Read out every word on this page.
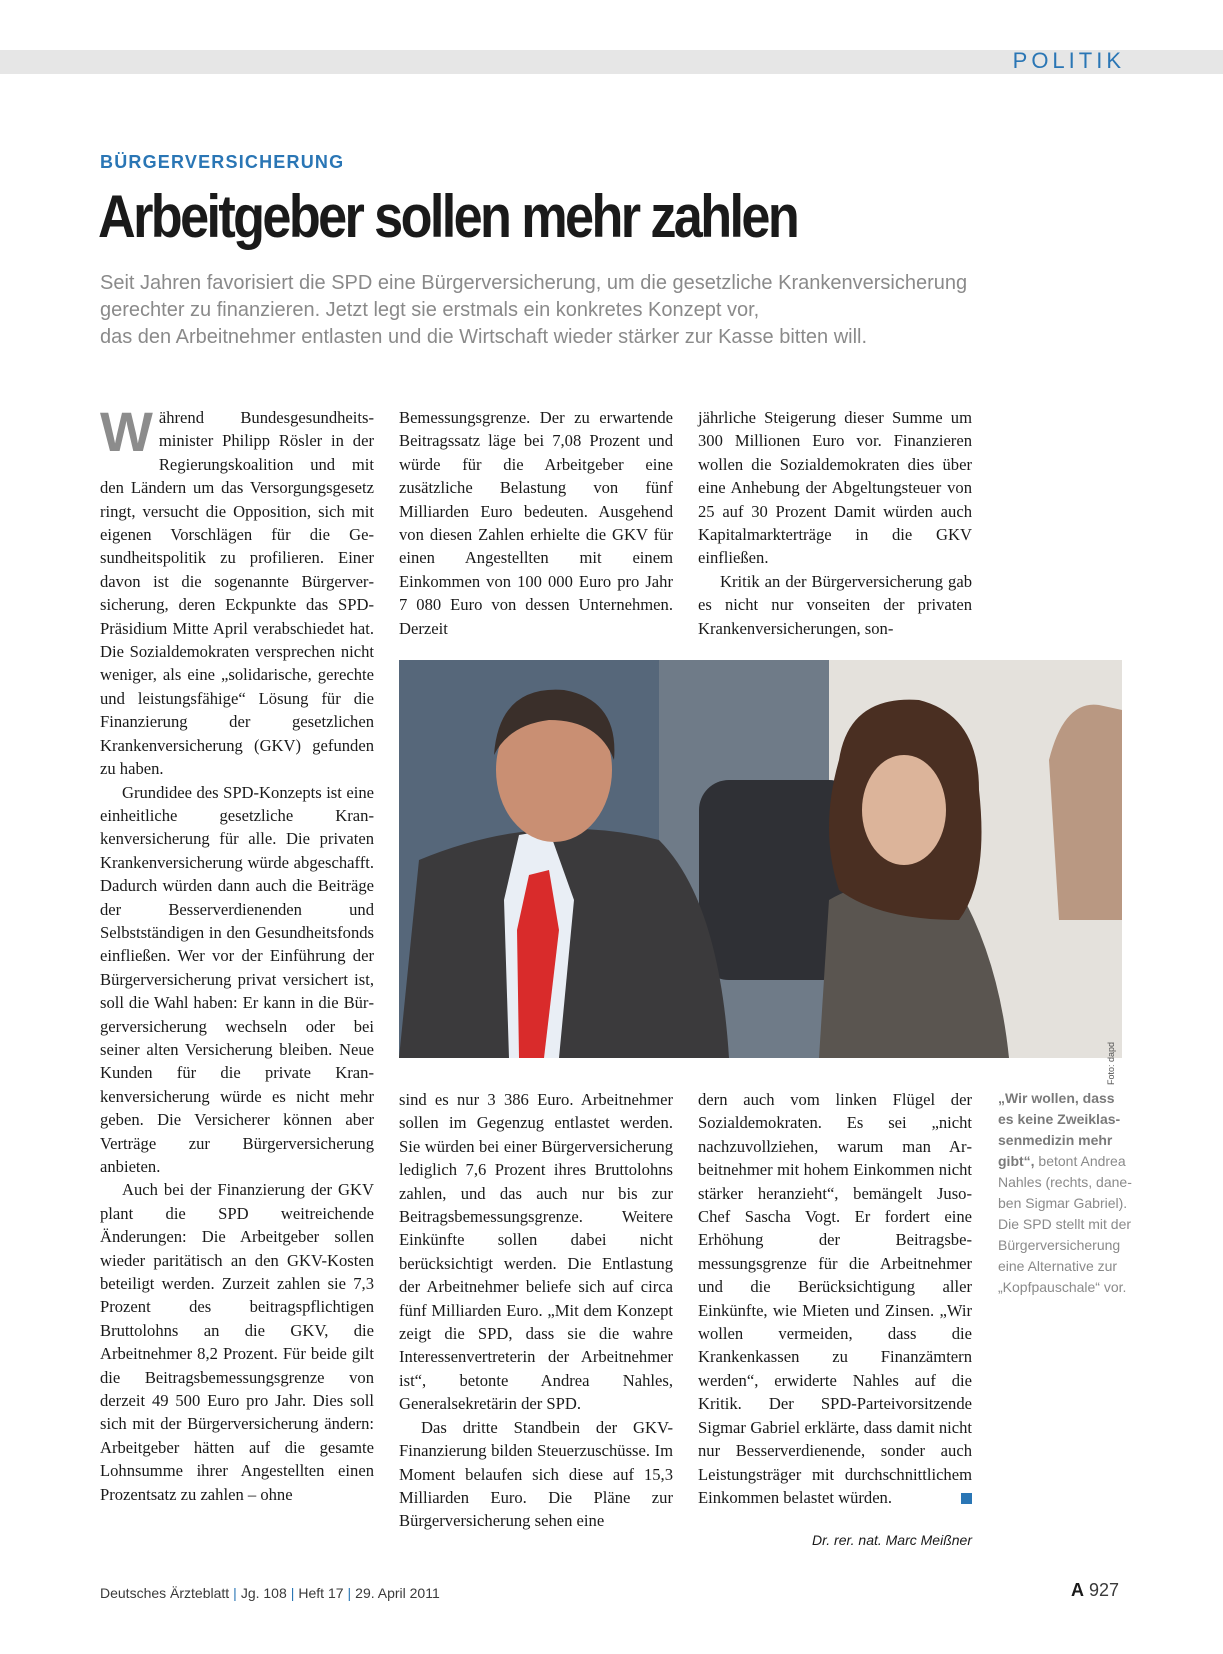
POLITIK
BÜRGERVERSICHERUNG
Arbeitgeber sollen mehr zahlen
Seit Jahren favorisiert die SPD eine Bürgerversicherung, um die gesetzliche Krankenversicherung
gerechter zu finanzieren. Jetzt legt sie erstmals ein konkretes Konzept vor,
das den Arbeitnehmer entlasten und die Wirtschaft wieder stärker zur Kasse bitten will.

Während Bundesgesundheitsminister Philipp Rösler in der Regierungskoalition und mit den Ländern um das Versorgungsgesetz ringt, versucht die Opposition, sich mit eigenen Vorschlägen für die Gesundheitspolitik zu profilieren. Einer davon ist die sogenannte Bürgerversicherung, deren Eckpunkte das SPD-Präsidium Mitte April verabschiedet hat. Die Sozialdemokraten versprechen nicht weniger, als eine „solidarische, gerechte und leistungsfähige“ Lösung für die Finanzierung der gesetzlichen Krankenversicherung (GKV) gefunden zu haben.

Grundidee des SPD-Konzepts ist eine einheitliche gesetzliche Krankenversicherung für alle. Die privaten Krankenversicherung würde abgeschafft. Dadurch würden dann auch die Beiträge der Besserverdienenden und Selbstständigen in den Gesundheitsfonds einfließen. Wer vor der Einführung der Bürgerversicherung privat versichert ist, soll die Wahl haben: Er kann in die Bürgerversicherung wechseln oder bei seiner alten Versicherung bleiben. Neue Kunden für die private Krankenversicherung würde es nicht mehr geben. Die Versicherer können aber Verträge zur Bürgerversicherung anbieten.

Auch bei der Finanzierung der GKV plant die SPD weitreichende Änderungen: Die Arbeitgeber sollen wieder paritätisch an den GKV-Kosten beteiligt werden. Zurzeit zahlen sie 7,3 Prozent des beitragspflichtigen Bruttolohns an die GKV, die Arbeitnehmer 8,2 Prozent. Für beide gilt die Beitragsbemessungsgrenze von derzeit 49 500 Euro pro Jahr. Dies soll sich mit der Bürgerversicherung ändern: Arbeitgeber hätten auf die gesamte Lohnsumme ihrer Angestellten einen Prozentsatz zu zahlen – ohne

Bemessungsgrenze. Der zu erwartende Beitragssatz läge bei 7,08 Prozent und würde für die Arbeitgeber eine zusätzliche Belastung von fünf Milliarden Euro bedeuten. Ausgehend von diesen Zahlen erhielte die GKV für einen Angestellten mit einem Einkommen von 100 000 Euro pro Jahr 7 080 Euro von dessen Unternehmen. Derzeit

jährliche Steigerung dieser Summe um 300 Millionen Euro vor. Finanzieren wollen die Sozialdemokraten dies über eine Anhebung der Abgeltungsteuer von 25 auf 30 Prozent Damit würden auch Kapitalmarkterträge in die GKV einfließen.

Kritik an der Bürgerversicherung gab es nicht nur vonseiten der privaten Krankenversicherungen, son-

Foto: dapd

sind es nur 3 386 Euro. Arbeitnehmer sollen im Gegenzug entlastet werden. Sie würden bei einer Bürgerversicherung lediglich 7,6 Prozent ihres Bruttolohns zahlen, und das auch nur bis zur Beitragsbemessungsgrenze. Weitere Einkünfte sollen dabei nicht berücksichtigt werden. Die Entlastung der Arbeitnehmer beliefe sich auf circa fünf Milliarden Euro. „Mit dem Konzept zeigt die SPD, dass sie die wahre Interessenvertreterin der Arbeitnehmer ist“, betonte Andrea Nahles, Generalsekretärin der SPD.

Das dritte Standbein der GKV-Finanzierung bilden Steuerzuschüsse. Im Moment belaufen sich diese auf 15,3 Milliarden Euro. Die Pläne zur Bürgerversicherung sehen eine

dern auch vom linken Flügel der Sozialdemokraten. Es sei „nicht nachzuvollziehen, warum man Arbeitnehmer mit hohem Einkommen nicht stärker heranzieht“, bemängelt Juso-Chef Sascha Vogt. Er fordert eine Erhöhung der Beitragsbemessungsgrenze für die Arbeitnehmer und die Berücksichtigung aller Einkünfte, wie Mieten und Zinsen. „Wir wollen vermeiden, dass die Krankenkassen zu Finanzämtern werden“, erwiderte Nahles auf die Kritik. Der SPD-Parteivorsitzende Sigmar Gabriel erklärte, dass damit nicht nur Besserverdienende, sonder auch Leistungsträger mit durchschnittlichem Einkommen belastet würden.

Dr. rer. nat. Marc Meißner
„Wir wollen, dass es keine Zweiklassenmedizin mehr gibt“, betont Andrea Nahles (rechts, daneben Sigmar Gabriel). Die SPD stellt mit der Bürgerversicherung eine Alternative zur „Kopfpauschale“ vor.
Deutsches Ärzteblatt | Jg. 108 | Heft 17 | 29. April 2011	A 927
